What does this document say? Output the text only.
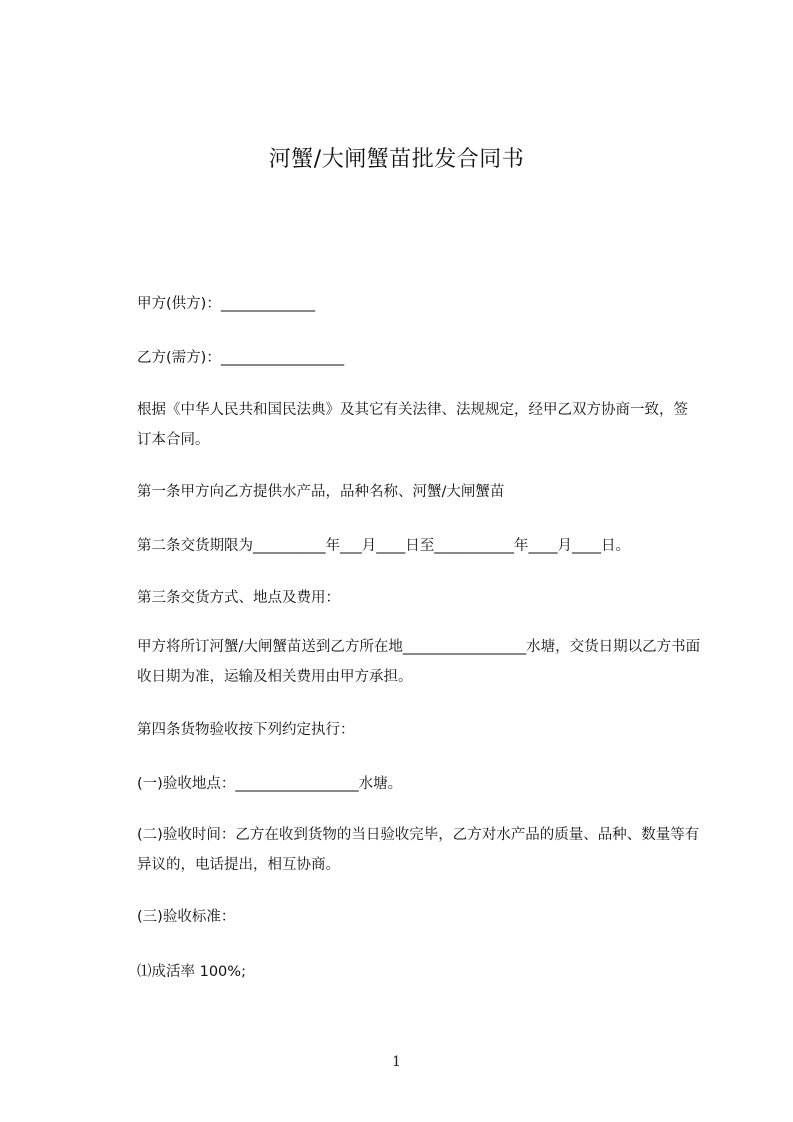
河蟹/大闸蟹苗批发合同书
甲方(供方)：_____________
乙方(需方)：_________________
根据《中华人民共和国民法典》及其它有关法律、法规规定，经甲乙双方协商一致，签订本合同。
第一条甲方向乙方提供水产品，品种名称、河蟹/大闸蟹苗
第二条交货期限为__________年___月____日至___________年____月____日。
第三条交货方式、地点及费用：
甲方将所订河蟹/大闸蟹苗送到乙方所在地_________________水塘，交货日期以乙方书面收日期为准，运输及相关费用由甲方承担。
第四条货物验收按下列约定执行：
(一)验收地点：_________________水塘。
(二)验收时间：乙方在收到货物的当日验收完毕，乙方对水产品的质量、品种、数量等有异议的，电话提出，相互协商。
(三)验收标准：
⑴成活率 100%;
1
